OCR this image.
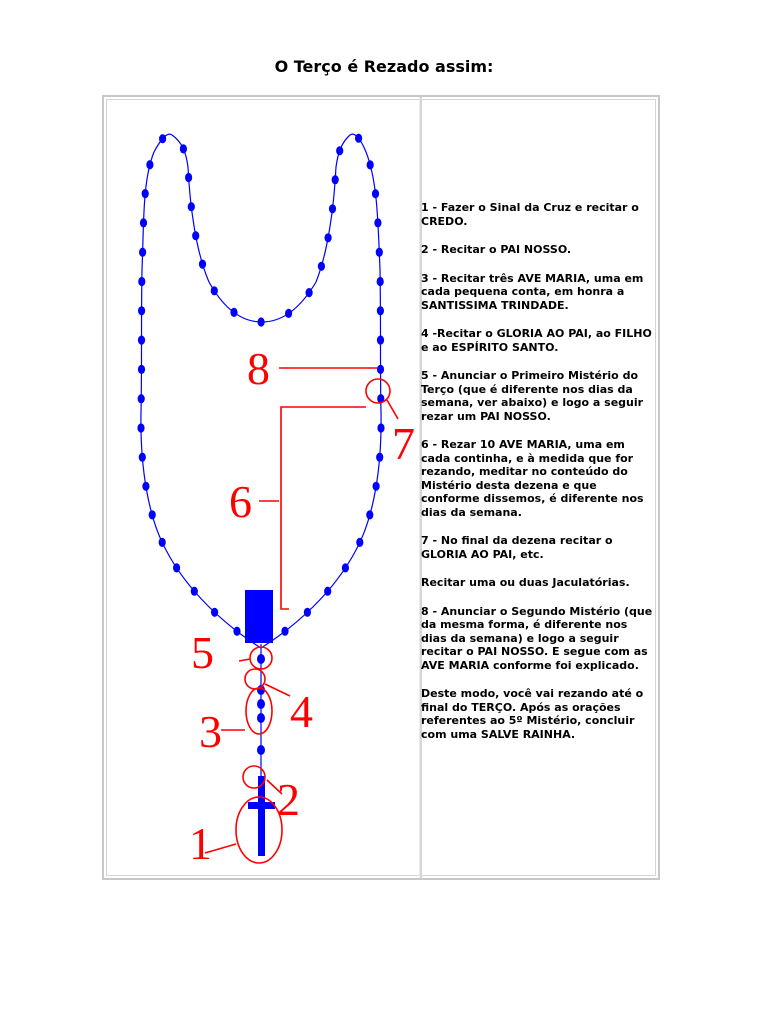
O Terço é Rezado assim:
8
7
6
5
4
3
2
1

1 - Fazer o Sinal da Cruz e recitar o CREDO.

2 - Recitar o PAI NOSSO.

3 - Recitar três AVE MARIA, uma em cada pequena conta, em honra a SANTISSIMA TRINDADE.

4 -Recitar o GLORIA AO PAI, ao FILHO e ao ESPÍRITO SANTO.

5 - Anunciar o Primeiro Mistério do Terço (que é diferente nos dias da semana, ver abaixo) e logo a seguir rezar um PAI NOSSO.

6 - Rezar 10 AVE MARIA, uma em cada continha, e à medida que for rezando, meditar no conteúdo do Mistério desta dezena e que conforme dissemos, é diferente nos dias da semana.

7 - No final da dezena recitar o GLORIA AO PAI, etc.

Recitar uma ou duas Jaculatórias.

8 - Anunciar o Segundo Mistério (que da mesma forma, é diferente nos dias da semana) e logo a seguir recitar o PAI NOSSO. E segue com as AVE MARIA conforme foi explicado.

Deste modo, você vai rezando até o final do TERÇO. Após as orações referentes ao 5º Mistério, concluir com uma SALVE RAINHA.
